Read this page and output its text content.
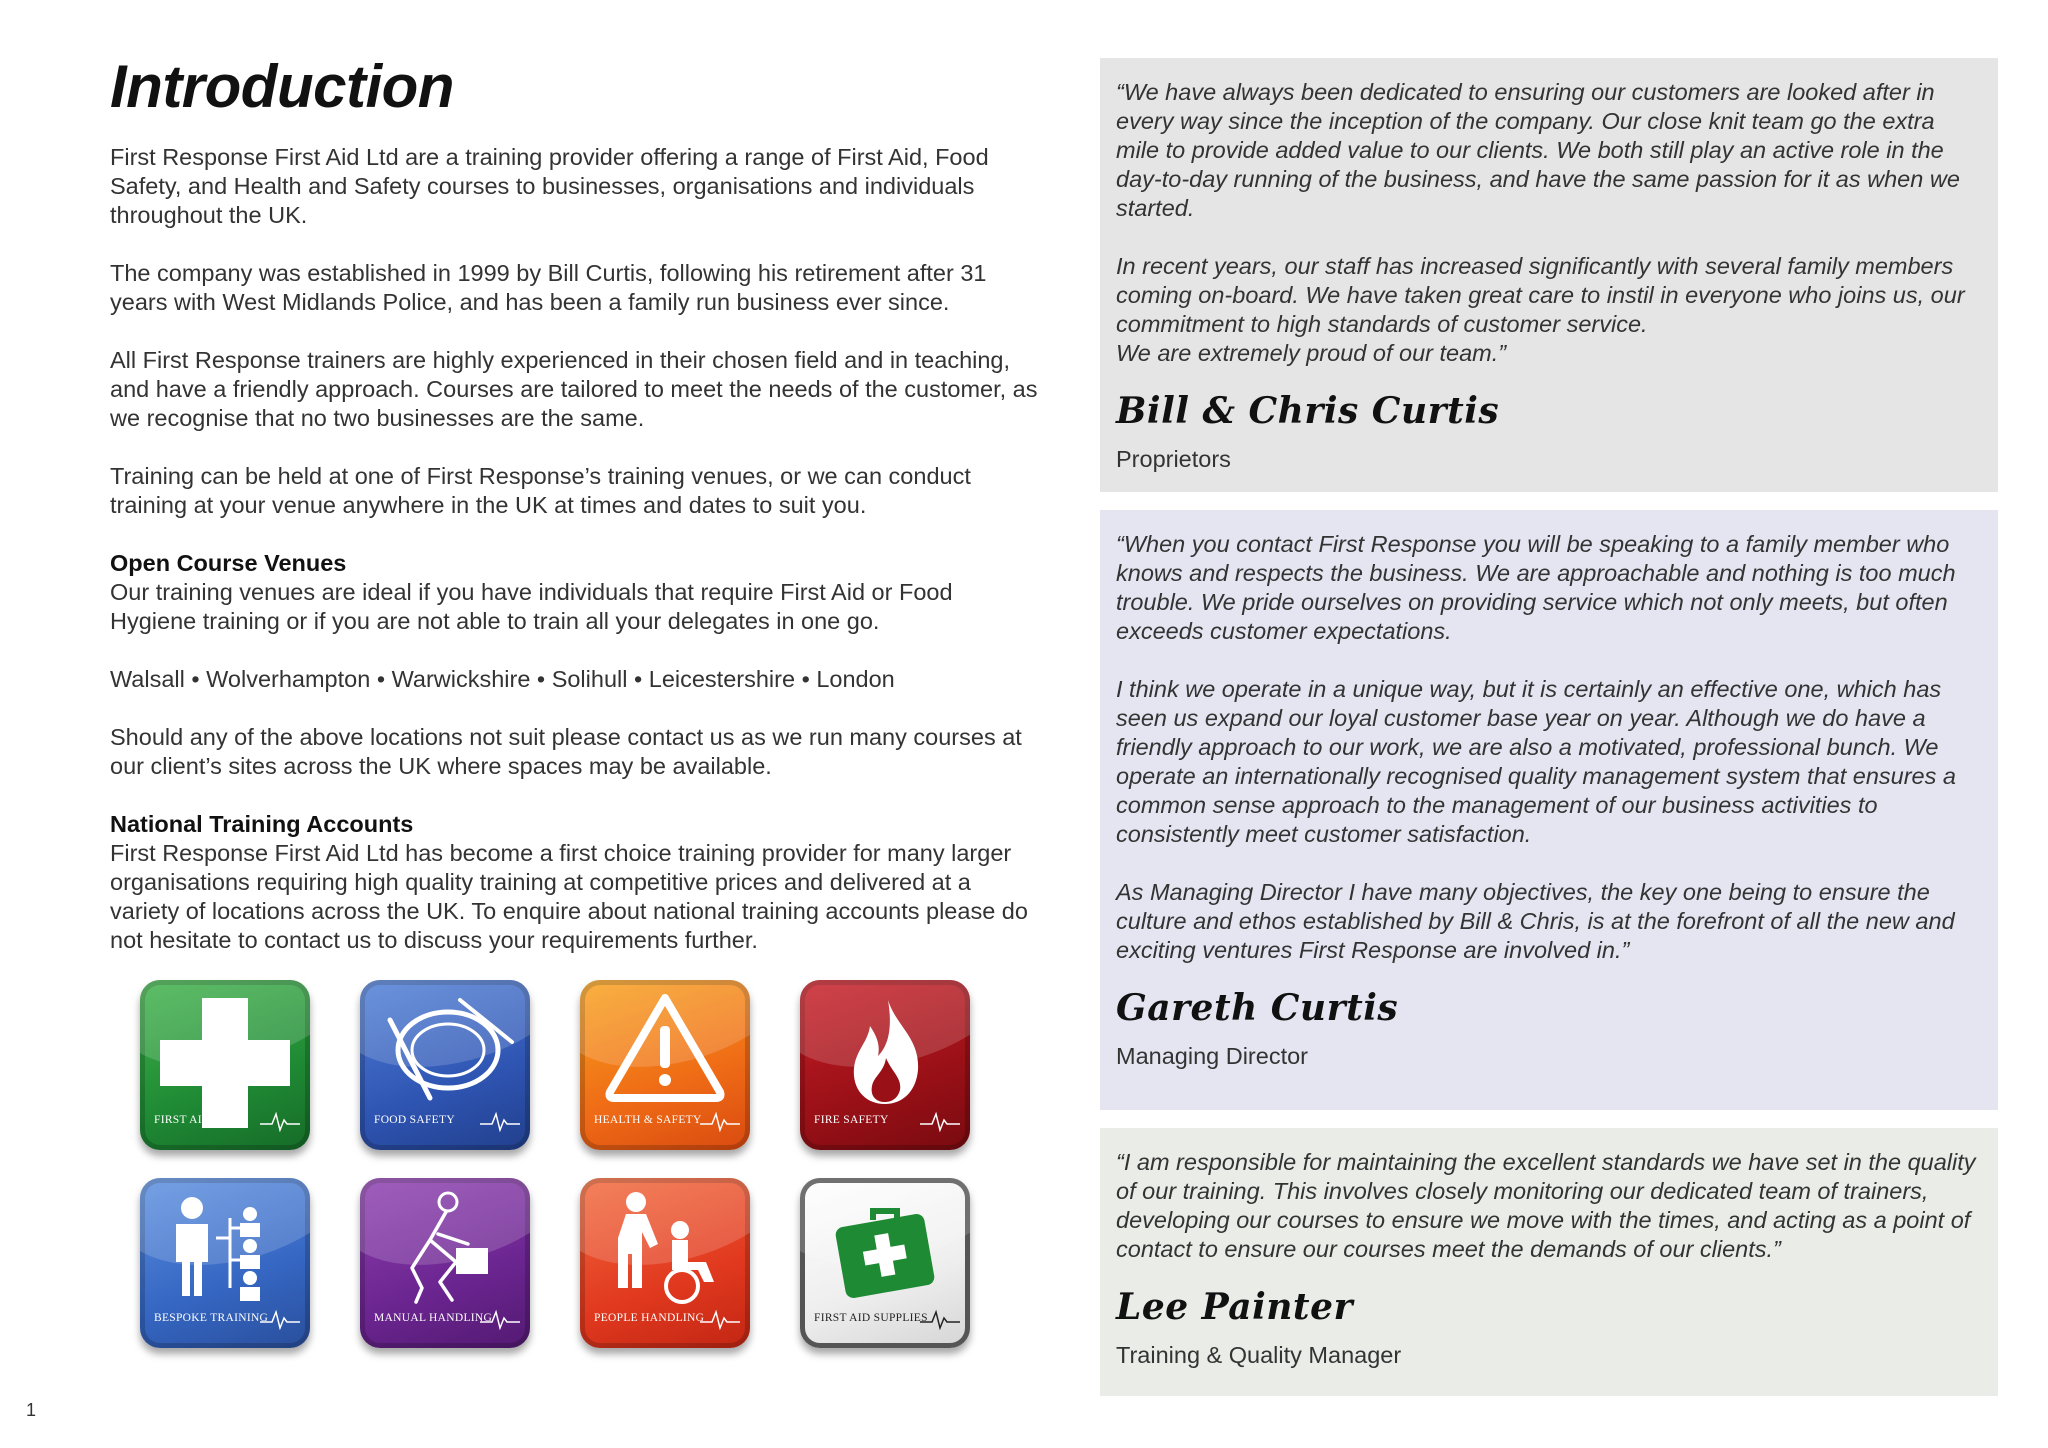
Introduction

First Response First Aid Ltd are a training provider offering a range of First Aid, Food Safety, and Health and Safety courses to businesses, organisations and individuals throughout the UK.

The company was established in 1999 by Bill Curtis, following his retirement after 31 years with West Midlands Police, and has been a family run business ever since.

All First Response trainers are highly experienced in their chosen field and in teaching, and have a friendly approach. Courses are tailored to meet the needs of the customer, as we recognise that no two businesses are the same.

Training can be held at one of First Response’s training venues, or we can conduct training at your venue anywhere in the UK at times and dates to suit you.

Open Course Venues
Our training venues are ideal if you have individuals that require First Aid or Food Hygiene training or if you are not able to train all your delegates in one go.

Walsall • Wolverhampton • Warwickshire • Solihull • Leicestershire • London

Should any of the above locations not suit please contact us as we run many courses at our client’s sites across the UK where spaces may be available.

National Training Accounts
First Response First Aid Ltd has become a first choice training provider for many larger organisations requiring high quality training at competitive prices and delivered at a variety of locations across the UK. To enquire about national training accounts please do not hesitate to contact us to discuss your requirements further.

FIRST AID	FOOD SAFETY	HEALTH & SAFETY	FIRE SAFETY
BESPOKE TRAINING	MANUAL HANDLING	PEOPLE HANDLING	FIRST AID SUPPLIES

“We have always been dedicated to ensuring our customers are looked after in every way since the inception of the company. Our close knit team go the extra mile to provide added value to our clients. We both still play an active role in the day-to-day running of the business, and have the same passion for it as when we started.

In recent years, our staff has increased significantly with several family members coming on-board. We have taken great care to instil in everyone who joins us, our commitment to high standards of customer service.

We are extremely proud of our team.”

Bill & Chris Curtis
Proprietors

“When you contact First Response you will be speaking to a family member who knows and respects the business. We are approachable and nothing is too much trouble. We pride ourselves on providing service which not only meets, but often exceeds customer expectations.

I think we operate in a unique way, but it is certainly an effective one, which has seen us expand our loyal customer base year on year. Although we do have a friendly approach to our work, we are also a motivated, professional bunch. We operate an internationally recognised quality management system that ensures a common sense approach to the management of our business activities to consistently meet customer satisfaction.

As Managing Director I have many objectives, the key one being to ensure the culture and ethos established by Bill & Chris, is at the forefront of all the new and exciting ventures First Response are involved in.”

Gareth Curtis
Managing Director

“I am responsible for maintaining the excellent standards we have set in the quality of our training. This involves closely monitoring our dedicated team of trainers, developing our courses to ensure we move with the times, and acting as a point of contact to ensure our courses meet the demands of our clients.”

Lee Painter
Training & Quality Manager
1
